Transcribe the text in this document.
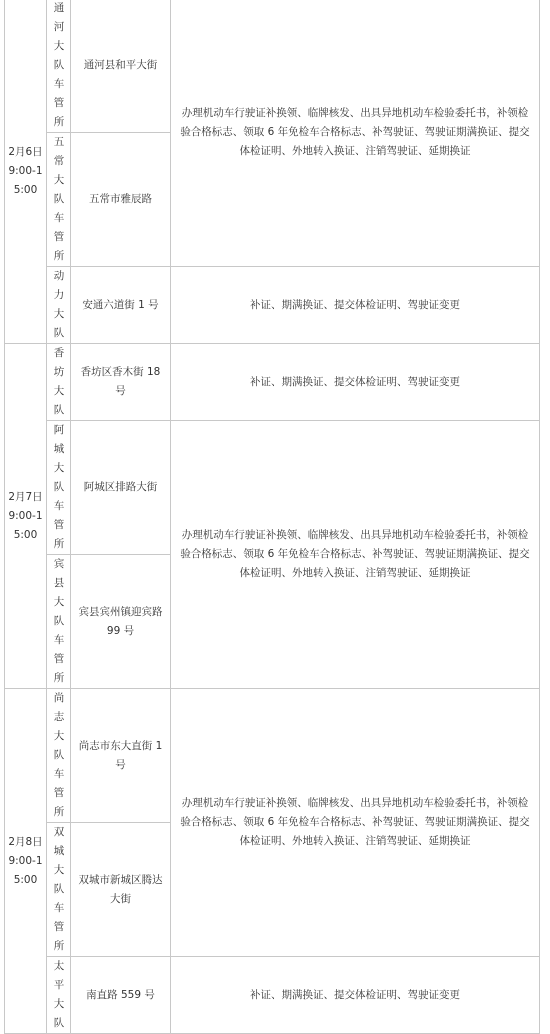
2月6日9:00-15:00	通河大队车管所	通河县和平大街	办理机动车行驶证补换领、临牌核发、出具异地机动车检验委托书，补领检验合格标志、领取 6 年免检车合格标志、补驾驶证、驾驶证期满换证、提交体检证明、外地转入换证、注销驾驶证、延期换证

	五常大队车管所	五常市雅辰路	

	动力大队	安通六道街 1 号	补证、期满换证、提交体检证明、驾驶证变更
2月7日9:00-15:00	香坊大队	香坊区香木街 18 号	补证、期满换证、提交体检证明、驾驶证变更

	阿城大队车管所	阿城区排路大街	办理机动车行驶证补换领、临牌核发、出具异地机动车检验委托书，补领检验合格标志、领取 6 年免检车合格标志、补驾驶证、驾驶证期满换证、提交体检证明、外地转入换证、注销驾驶证、延期换证

	宾县大队车管所	宾县宾州镇迎宾路 99 号	
2月8日9:00-15:00	尚志大队车管所	尚志市东大直街 1 号	办理机动车行驶证补换领、临牌核发、出具异地机动车检验委托书，补领检验合格标志、领取 6 年免检车合格标志、补驾驶证、驾驶证期满换证、提交体检证明、外地转入换证、注销驾驶证、延期换证

	双城大队车管所	双城市新城区腾达大街	

	太平大队	南直路 559 号	补证、期满换证、提交体检证明、驾驶证变更
